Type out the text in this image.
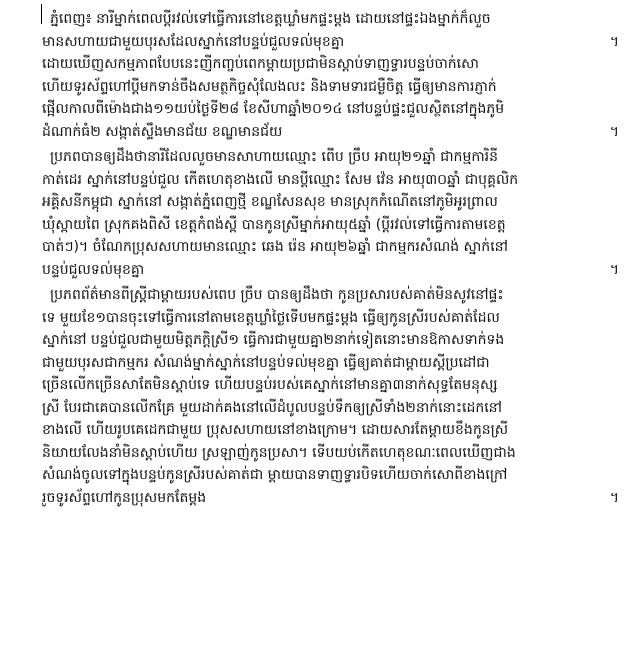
ភ្នំពេញ៖ នារីម្នាក់ពេលប្ដីរវល់ទៅធ្វើការនៅខេត្តឃ្លាំមកផ្ទះម្ដង ដោយនៅផ្ទះឯងម្នាក់ក៏លួច
មានសហាយជាមួយបុរសដែលស្នាក់នៅបន្ទប់ជួលទល់មុខគ្នា	។
ដោយឃើញសកម្មភាពបែបនេះញីកញ្ចប់ពេកម្ដាយប្រជាមិនស្ដាប់ទាញទ្វារបន្ទប់ចាក់សោ
ហើយទូរស័ព្ទហៅប្ដីមកទាន់ចឹងសមត្ថកិច្ចសុំលែងលះ និងទាមទារជម្ងឺចិត្ត ធ្វើឲ្យមានការភ្ញាក់
ផ្អើលកាលពីម៉ោងជាង១១យប់ថ្ងៃទី២៨ ខែសីហាឆ្នាំ២០១៤ នៅបន្ទប់ផ្ទះជួលស្ថិតនៅក្នុងភូមិ
ដំណាក់ធំ២ សង្កាត់ស្ទឹងមានជ័យ ខណ្ឌមានជ័យ	។
ប្រភពបានឲ្យដឹងថានារីដែលលួចមានសាហាយឈ្មោះ ពើប ច្រឹប អាយុ២១ឆ្នាំ ជាកម្មការិនី
កាត់ដេរ ស្នាក់នៅបន្ទប់ជួល កើតហេតុខាងលើ មានប្ដីឈ្មោះ សែម វ៉េន អាយុ៣០ឆ្នាំ ជាបុគ្គលិក
អគ្គិសនីកម្ពុជា ស្នាក់នៅ សង្កាត់ភ្នំពេញថ្មី ខណ្ឌសែនសុខ មានស្រុកកំណើតនៅភូមិអូរព្រាល
ឃុំស្ពាយពៃ ស្រុកគងពិសី ខេត្តកំពង់ស្ពឺ បានកូនស្រីម្នាក់អាយុ៥ឆ្នាំ (ប្ដីរវល់ទៅធ្វើការតាមខេត្ត
បាត់ៗ)។ ចំណែកប្រុសសហាយមានឈ្មោះ ឆេង រ៉េន អាយុ២៦ឆ្នាំ ជាកម្មករសំណង់ ស្នាក់នៅ
បន្ទប់ជួលទល់មុខគ្នា	។
ប្រភពព័ត៌មានពីស្ដ្រីជាម្ដាយរបស់ពេប ច្រឹប បានឲ្យដឹងថា កូនប្រសារបស់គាត់មិនសូវនៅផ្ទះ
ទេ មួយខែ១បានចុះទៅធ្វើការនៅតាមខេត្តឃ្លាំថ្ងៃទើបមកផ្ទះម្ដង ធ្វើឲ្យកូនស្រីរបស់គាត់ដែល
ស្នាក់នៅ បន្ទប់ជួលជាមួយមិត្តភក្ដិស្រី១ ធ្វើការជាមួយគ្នា២នាក់ទៀតនោះមានឱកាសទាក់ទង
ជាមួយបុរសជាកម្មករ សំណង់ម្នាក់ស្នាក់នៅបន្ទប់ទល់មុខគ្នា ធ្វើឲ្យគាត់ជាម្ដាយស្ដីប្រដៅជា
ច្រើនលើកច្រើនសាតែមិនស្ដាប់ទេ ហើយបន្ទប់របស់គេស្នាក់នៅមានគ្នា៣នាក់សុទ្ធតែមនុស្ស
ស្រី បែរជាគេបានលើកគ្រែ មួយដាក់គងនៅលើដំបូលបន្ទប់ទឹកឲ្យស្រីទាំង២នាក់នោះដេកនៅ
ខាងលើ ហើយរូបគេដេកជាមួយ ប្រុសសហាយនៅខាងក្រោម។ ដោយសារតែម្ដាយខឹងកូនស្រី
និយាយលែងនាំមិនស្ដាប់ហើយ ស្រឡាញ់កូនប្រសា។ ទើបយប់កើតហេតុខណៈពេលឃើញជាង
សំណង់ចូលទៅក្នុងបន្ទប់កូនស្រីរបស់គាត់ជា ម្ដាយបានទាញទ្វារបិទហើយចាក់សោពីខាងក្រៅ
រួចទូរស័ព្ទហៅកូនប្រុសមកតែម្ដង	។
